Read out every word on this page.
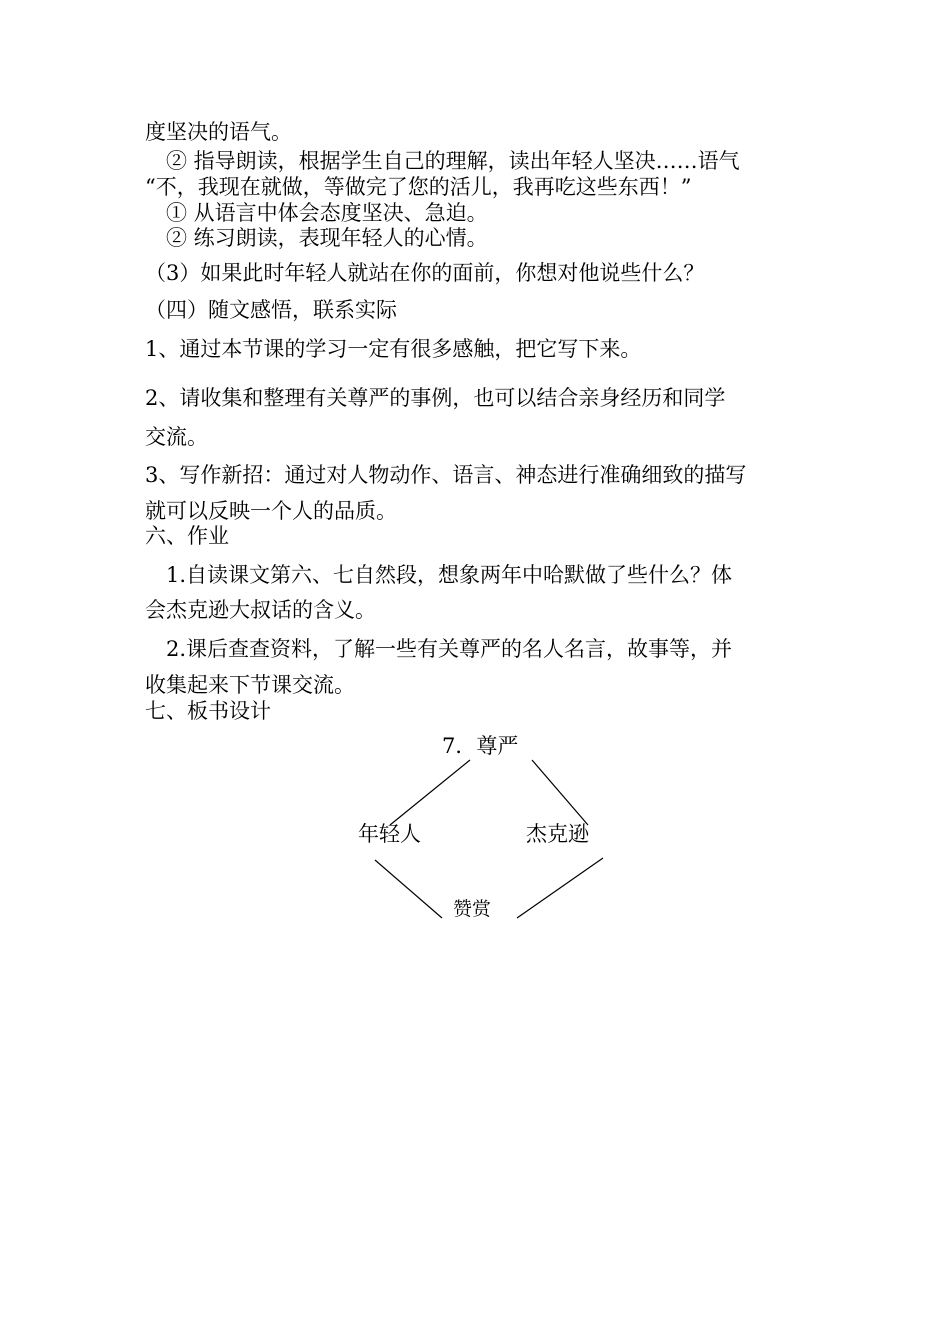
度坚决的语气。
　② 指导朗读，根据学生自己的理解，读出年轻人坚决……语气
“不，我现在就做，等做完了您的活儿，我再吃这些东西！”
　① 从语言中体会态度坚决、急迫。
　② 练习朗读，表现年轻人的心情。
（3）如果此时年轻人就站在你的面前，你想对他说些什么？
（四）随文感悟，联系实际
1、通过本节课的学习一定有很多感触，把它写下来。
2、请收集和整理有关尊严的事例，也可以结合亲身经历和同学
交流。
3、写作新招：通过对人物动作、语言、神态进行准确细致的描写
就可以反映一个人的品质。
六、作业
　1.自读课文第六、七自然段，想象两年中哈默做了些什么？体
会杰克逊大叔话的含义。
　2.课后查查资料，了解一些有关尊严的名人名言，故事等，并
收集起来下节课交流。
七、板书设计
7．尊严
年轻人	杰克逊
赞赏
